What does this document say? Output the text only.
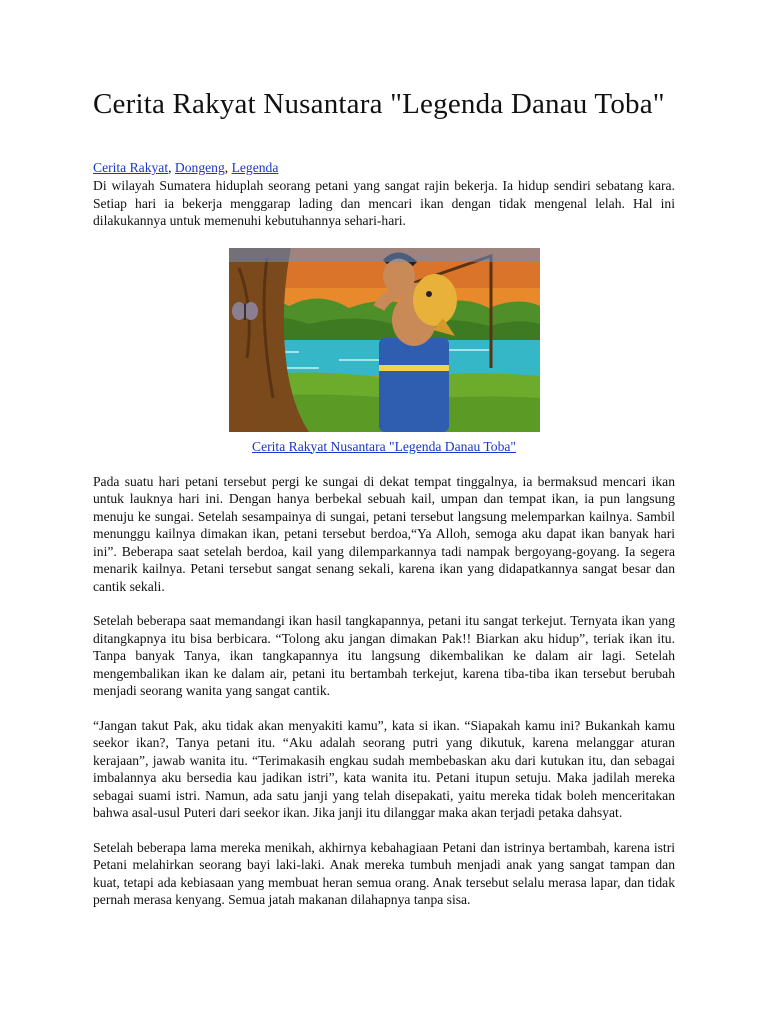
Cerita Rakyat Nusantara "Legenda Danau Toba"
Cerita Rakyat, Dongeng, Legenda

Di wilayah Sumatera hiduplah seorang petani yang sangat rajin bekerja. Ia hidup sendiri sebatang kara. Setiap hari ia bekerja menggarap lading dan mencari ikan dengan tidak mengenal lelah. Hal ini dilakukannya untuk memenuhi kebutuhannya sehari-hari.

Cerita Rakyat Nusantara "Legenda Danau Toba"

Pada suatu hari petani tersebut pergi ke sungai di dekat tempat tinggalnya, ia bermaksud mencari ikan untuk lauknya hari ini. Dengan hanya berbekal sebuah kail, umpan dan tempat ikan, ia pun langsung menuju ke sungai. Setelah sesampainya di sungai, petani tersebut langsung melemparkan kailnya. Sambil menunggu kailnya dimakan ikan, petani tersebut berdoa,“Ya Alloh, semoga aku dapat ikan banyak hari ini”. Beberapa saat setelah berdoa, kail yang dilemparkannya tadi nampak bergoyang-goyang. Ia segera menarik kailnya. Petani tersebut sangat senang sekali, karena ikan yang didapatkannya sangat besar dan cantik sekali.

Setelah beberapa saat memandangi ikan hasil tangkapannya, petani itu sangat terkejut. Ternyata ikan yang ditangkapnya itu bisa berbicara. “Tolong aku jangan dimakan Pak!! Biarkan aku hidup”, teriak ikan itu. Tanpa banyak Tanya, ikan tangkapannya itu langsung dikembalikan ke dalam air lagi. Setelah mengembalikan ikan ke dalam air, petani itu bertambah terkejut, karena tiba-tiba ikan tersebut berubah menjadi seorang wanita yang sangat cantik.

“Jangan takut Pak, aku tidak akan menyakiti kamu”, kata si ikan. “Siapakah kamu ini? Bukankah kamu seekor ikan?, Tanya petani itu. “Aku adalah seorang putri yang dikutuk, karena melanggar aturan kerajaan”, jawab wanita itu. “Terimakasih engkau sudah membebaskan aku dari kutukan itu, dan sebagai imbalannya aku bersedia kau jadikan istri”, kata wanita itu. Petani itupun setuju. Maka jadilah mereka sebagai suami istri. Namun, ada satu janji yang telah disepakati, yaitu mereka tidak boleh menceritakan bahwa asal-usul Puteri dari seekor ikan. Jika janji itu dilanggar maka akan terjadi petaka dahsyat.

Setelah beberapa lama mereka menikah, akhirnya kebahagiaan Petani dan istrinya bertambah, karena istri Petani melahirkan seorang bayi laki-laki. Anak mereka tumbuh menjadi anak yang sangat tampan dan kuat, tetapi ada kebiasaan yang membuat heran semua orang. Anak tersebut selalu merasa lapar, dan tidak pernah merasa kenyang. Semua jatah makanan dilahapnya tanpa sisa.
